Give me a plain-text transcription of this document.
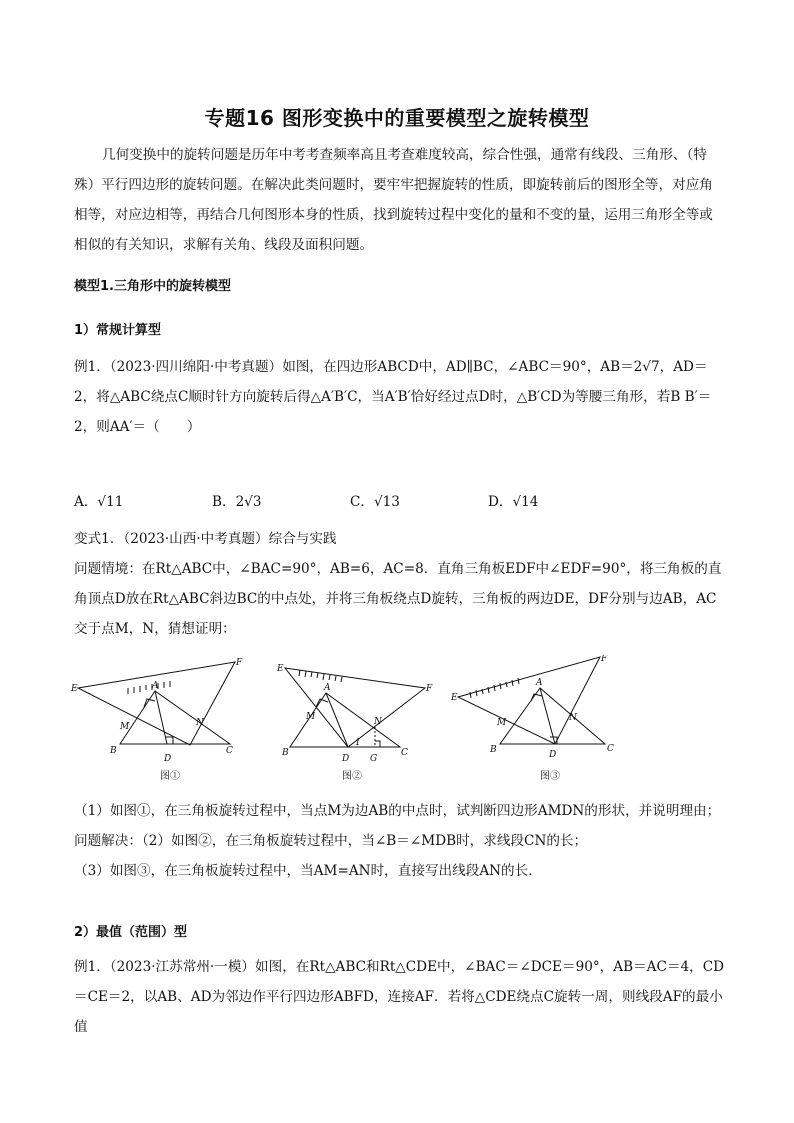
专题16 图形变换中的重要模型之旋转模型
几何变换中的旋转问题是历年中考考查频率高且考查难度较高，综合性强，通常有线段、三角形、（特殊）平行四边形的旋转问题。在解决此类问题时，要牢牢把握旋转的性质，即旋转前后的图形全等，对应角相等，对应边相等，再结合几何图形本身的性质，找到旋转过程中变化的量和不变的量，运用三角形全等或相似的有关知识，求解有关角、线段及面积问题。
模型1.三角形中的旋转模型
1）常规计算型
例1．（2023·四川绵阳·中考真题）如图，在四边形ABCD中，AD∥BC，∠ABC＝90°，AB＝2√7，AD＝2，将△ABC绕点C顺时针方向旋转后得△A′B′C，当A′B′恰好经过点D时，△B′CD为等腰三角形，若B B′＝2，则AA′＝（　　）
A．√11	B．2√3	C．√13	D．√14
变式1．（2023·山西·中考真题）综合与实践
问题情境：在Rt△ABC中，∠BAC=90°，AB=6，AC=8．直角三角板EDF中∠EDF=90°，将三角板的直角顶点D放在Rt△ABC斜边BC的中点处，并将三角板绕点D旋转，三角板的两边DE，DF分别与边AB，AC交于点M，N，猜想证明：
E
F
A
M	N
B
D
C
图①
E
F
A
M	N
B
D
1
G
C
图②
E
F
A
M	N
B	D
C
图③
（1）如图①，在三角板旋转过程中，当点M为边AB的中点时，试判断四边形AMDN的形状，并说明理由；问题解决：（2）如图②，在三角板旋转过程中，当∠B＝∠MDB时，求线段CN的长；
（3）如图③，在三角板旋转过程中，当AM=AN时，直接写出线段AN的长．
2）最值（范围）型
例1．（2023·江苏常州·一模）如图，在Rt△ABC和Rt△CDE中，∠BAC＝∠DCE＝90°，AB＝AC＝4，CD＝CE＝2，以AB、AD为邻边作平行四边形ABFD，连接AF．若将△CDE绕点C旋转一周，则线段AF的最小值
